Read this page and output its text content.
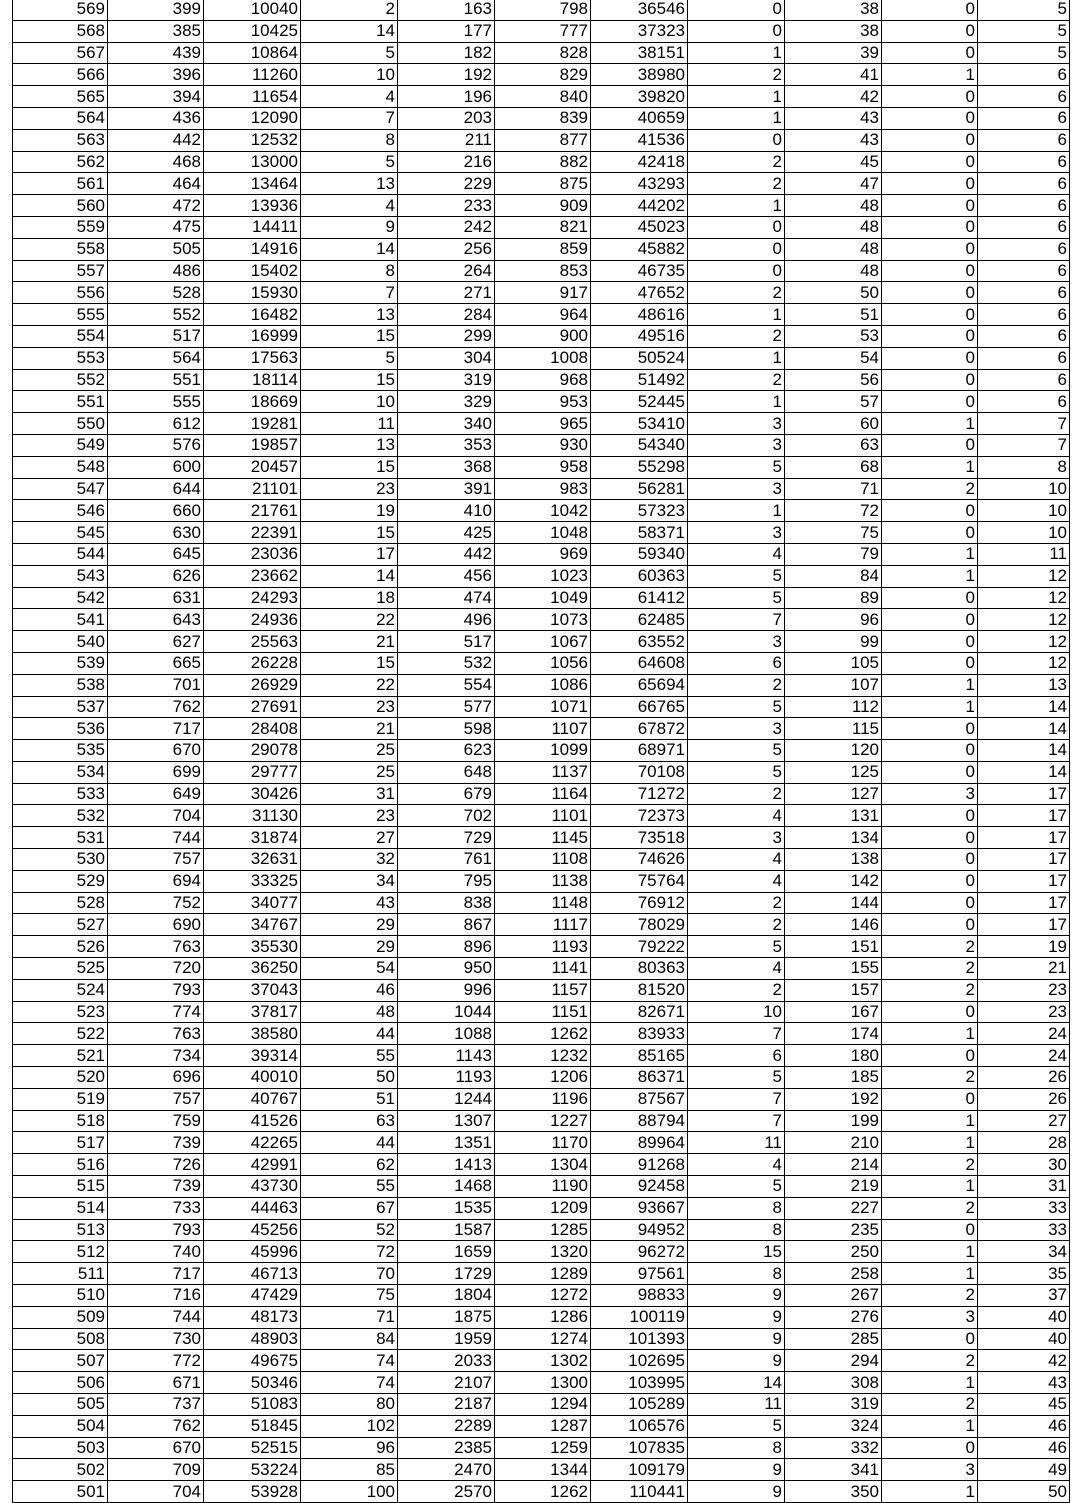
569	399	10040	2	163	798	36546	0	38	0	5
568	385	10425	14	177	777	37323	0	38	0	5
567	439	10864	5	182	828	38151	1	39	0	5
566	396	11260	10	192	829	38980	2	41	1	6
565	394	11654	4	196	840	39820	1	42	0	6
564	436	12090	7	203	839	40659	1	43	0	6
563	442	12532	8	211	877	41536	0	43	0	6
562	468	13000	5	216	882	42418	2	45	0	6
561	464	13464	13	229	875	43293	2	47	0	6
560	472	13936	4	233	909	44202	1	48	0	6
559	475	14411	9	242	821	45023	0	48	0	6
558	505	14916	14	256	859	45882	0	48	0	6
557	486	15402	8	264	853	46735	0	48	0	6
556	528	15930	7	271	917	47652	2	50	0	6
555	552	16482	13	284	964	48616	1	51	0	6
554	517	16999	15	299	900	49516	2	53	0	6
553	564	17563	5	304	1008	50524	1	54	0	6
552	551	18114	15	319	968	51492	2	56	0	6
551	555	18669	10	329	953	52445	1	57	0	6
550	612	19281	11	340	965	53410	3	60	1	7
549	576	19857	13	353	930	54340	3	63	0	7
548	600	20457	15	368	958	55298	5	68	1	8
547	644	21101	23	391	983	56281	3	71	2	10
546	660	21761	19	410	1042	57323	1	72	0	10
545	630	22391	15	425	1048	58371	3	75	0	10
544	645	23036	17	442	969	59340	4	79	1	11
543	626	23662	14	456	1023	60363	5	84	1	12
542	631	24293	18	474	1049	61412	5	89	0	12
541	643	24936	22	496	1073	62485	7	96	0	12
540	627	25563	21	517	1067	63552	3	99	0	12
539	665	26228	15	532	1056	64608	6	105	0	12
538	701	26929	22	554	1086	65694	2	107	1	13
537	762	27691	23	577	1071	66765	5	112	1	14
536	717	28408	21	598	1107	67872	3	115	0	14
535	670	29078	25	623	1099	68971	5	120	0	14
534	699	29777	25	648	1137	70108	5	125	0	14
533	649	30426	31	679	1164	71272	2	127	3	17
532	704	31130	23	702	1101	72373	4	131	0	17
531	744	31874	27	729	1145	73518	3	134	0	17
530	757	32631	32	761	1108	74626	4	138	0	17
529	694	33325	34	795	1138	75764	4	142	0	17
528	752	34077	43	838	1148	76912	2	144	0	17
527	690	34767	29	867	1117	78029	2	146	0	17
526	763	35530	29	896	1193	79222	5	151	2	19
525	720	36250	54	950	1141	80363	4	155	2	21
524	793	37043	46	996	1157	81520	2	157	2	23
523	774	37817	48	1044	1151	82671	10	167	0	23
522	763	38580	44	1088	1262	83933	7	174	1	24
521	734	39314	55	1143	1232	85165	6	180	0	24
520	696	40010	50	1193	1206	86371	5	185	2	26
519	757	40767	51	1244	1196	87567	7	192	0	26
518	759	41526	63	1307	1227	88794	7	199	1	27
517	739	42265	44	1351	1170	89964	11	210	1	28
516	726	42991	62	1413	1304	91268	4	214	2	30
515	739	43730	55	1468	1190	92458	5	219	1	31
514	733	44463	67	1535	1209	93667	8	227	2	33
513	793	45256	52	1587	1285	94952	8	235	0	33
512	740	45996	72	1659	1320	96272	15	250	1	34
511	717	46713	70	1729	1289	97561	8	258	1	35
510	716	47429	75	1804	1272	98833	9	267	2	37
509	744	48173	71	1875	1286	100119	9	276	3	40
508	730	48903	84	1959	1274	101393	9	285	0	40
507	772	49675	74	2033	1302	102695	9	294	2	42
506	671	50346	74	2107	1300	103995	14	308	1	43
505	737	51083	80	2187	1294	105289	11	319	2	45
504	762	51845	102	2289	1287	106576	5	324	1	46
503	670	52515	96	2385	1259	107835	8	332	0	46
502	709	53224	85	2470	1344	109179	9	341	3	49
501	704	53928	100	2570	1262	110441	9	350	1	50
